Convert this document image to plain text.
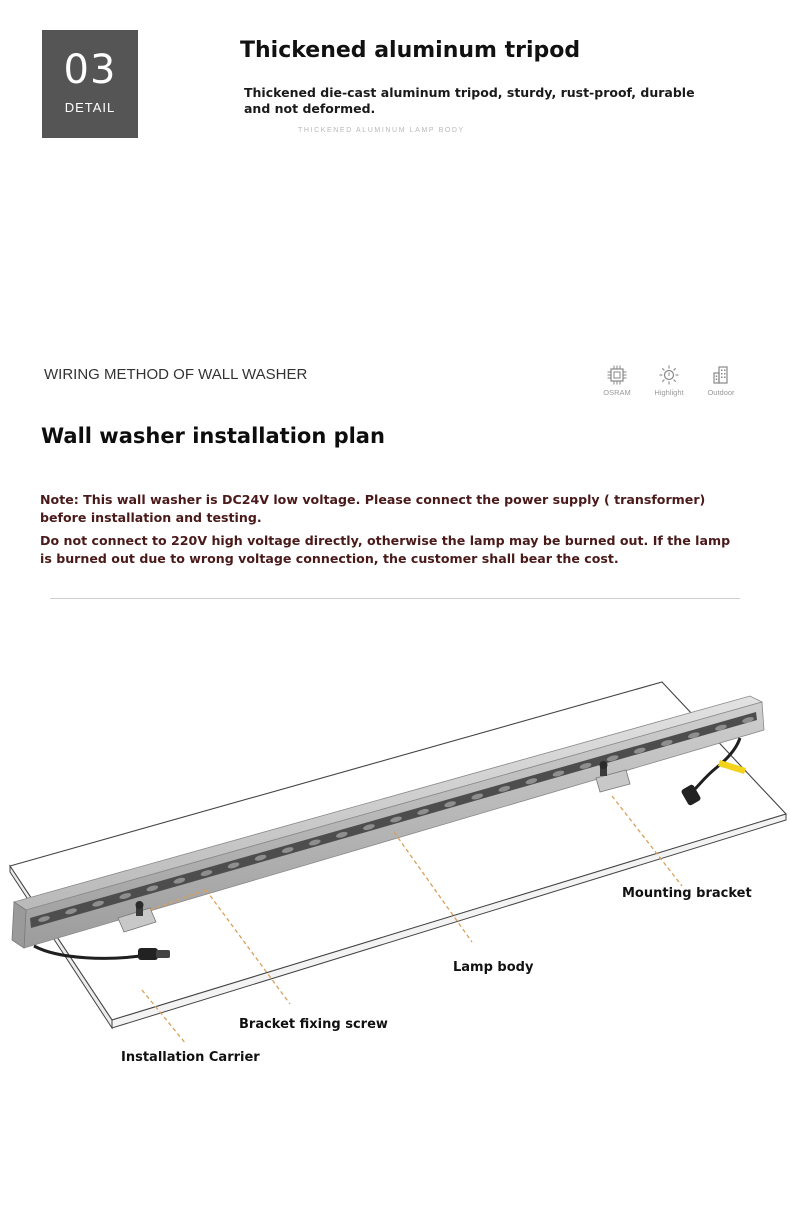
03
DETAIL
Thickened aluminum tripod
Thickened die-cast aluminum tripod, sturdy, rust-proof, durable and not deformed.
THICKENED ALUMINUM LAMP BODY
WIRING METHOD OF WALL WASHER
OSRAM	Highlight	Outdoor
Wall washer installation plan
Note: This wall washer is DC24V low voltage. Please connect the power supply ( transformer) before installation and testing.
Do not connect to 220V high voltage directly, otherwise the lamp may be burned out. If the lamp is burned out due to wrong voltage connection, the customer shall bear the cost.
Mounting bracket
Lamp body
Bracket fixing screw
Installation Carrier
